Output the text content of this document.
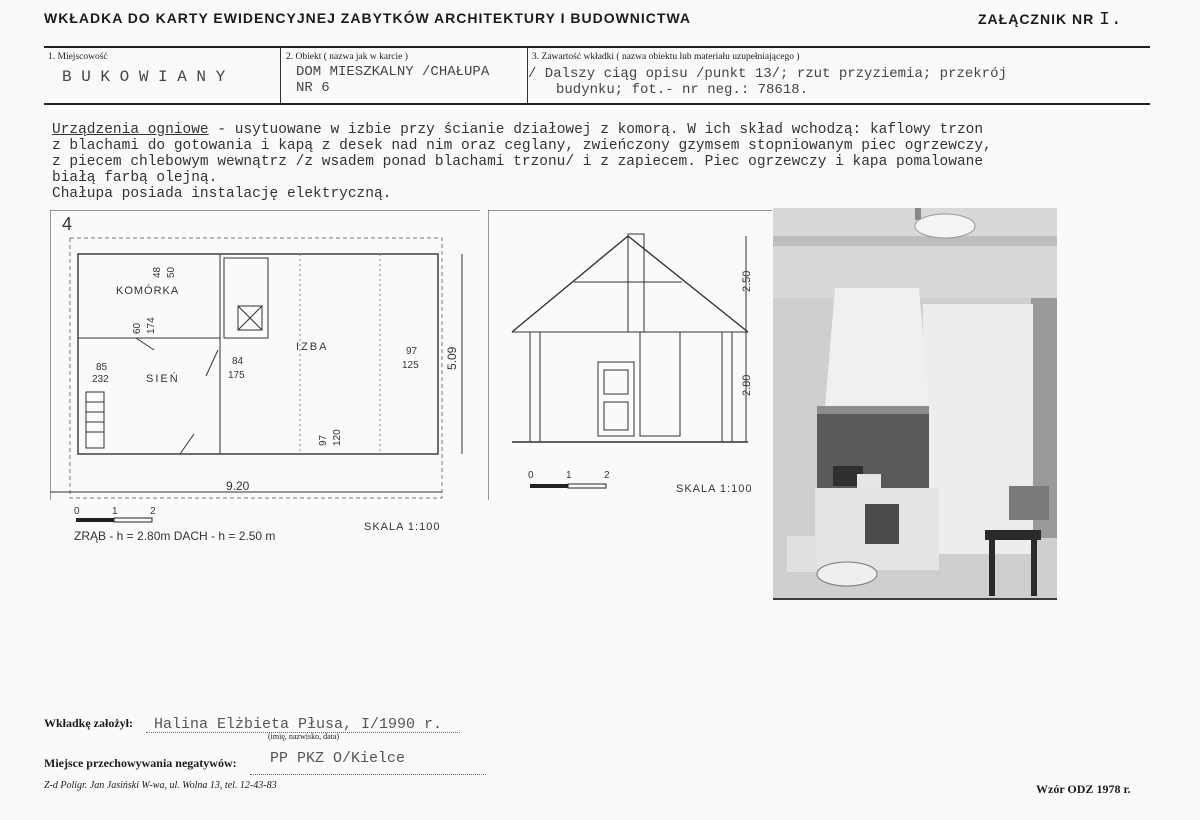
WKŁADKA DO KARTY EWIDENCYJNEJ ZABYTKÓW ARCHITEKTURY I BUDOWNICTWA	ZAŁĄCZNIK NR I.
1. Miejscowość
B U K O W I A N Y
2. Obiekt ( nazwa jak w karcie )
DOM MIESZKALNY /CHAŁUPA
NR 6
3. Zawartość wkładki ( nazwa obiektu lub materiału uzupełniającego )
/ Dalszy ciąg opisu /punkt 13/; rzut przyziemia; przekrój
budynku; fot.- nr neg.: 78618.
Urządzenia ogniowe - usytuowane w izbie przy ścianie działowej z komorą. W ich skład wchodzą: kaflowy trzon
z blachami do gotowania i kapą z desek nad nim oraz ceglany, zwieńczony gzymsem stopniowanym piec ogrzewczy,
z piecem chlebowym wewnątrz /z wsadem ponad blachami trzonu/ i z zapiecem. Piec ogrzewczy i kapa pomalowane
białą farbą olejną.
Chałupa posiada instalację elektryczną.
4
KOMÓRKA
IZBA
SIEŃ
48 50
60 174
84
175
85
232
97
125
97 120
9.20
5.09
0	1	2
ZRĄB - h = 2.80m DACH - h = 2.50 m
SKALA 1:100
2.50
2.80
0	1	2
SKALA 1:100
Wkładkę założył: Halina Elżbieta Płusa, I/1990 r.
(imię, nazwisko, data)
Miejsce przechowywania negatywów: PP PKZ O/Kielce
Z-d Poligr. Jan Jasiński W-wa, ul. Wolna 13, tel. 12-43-83	Wzór ODZ 1978 r.
